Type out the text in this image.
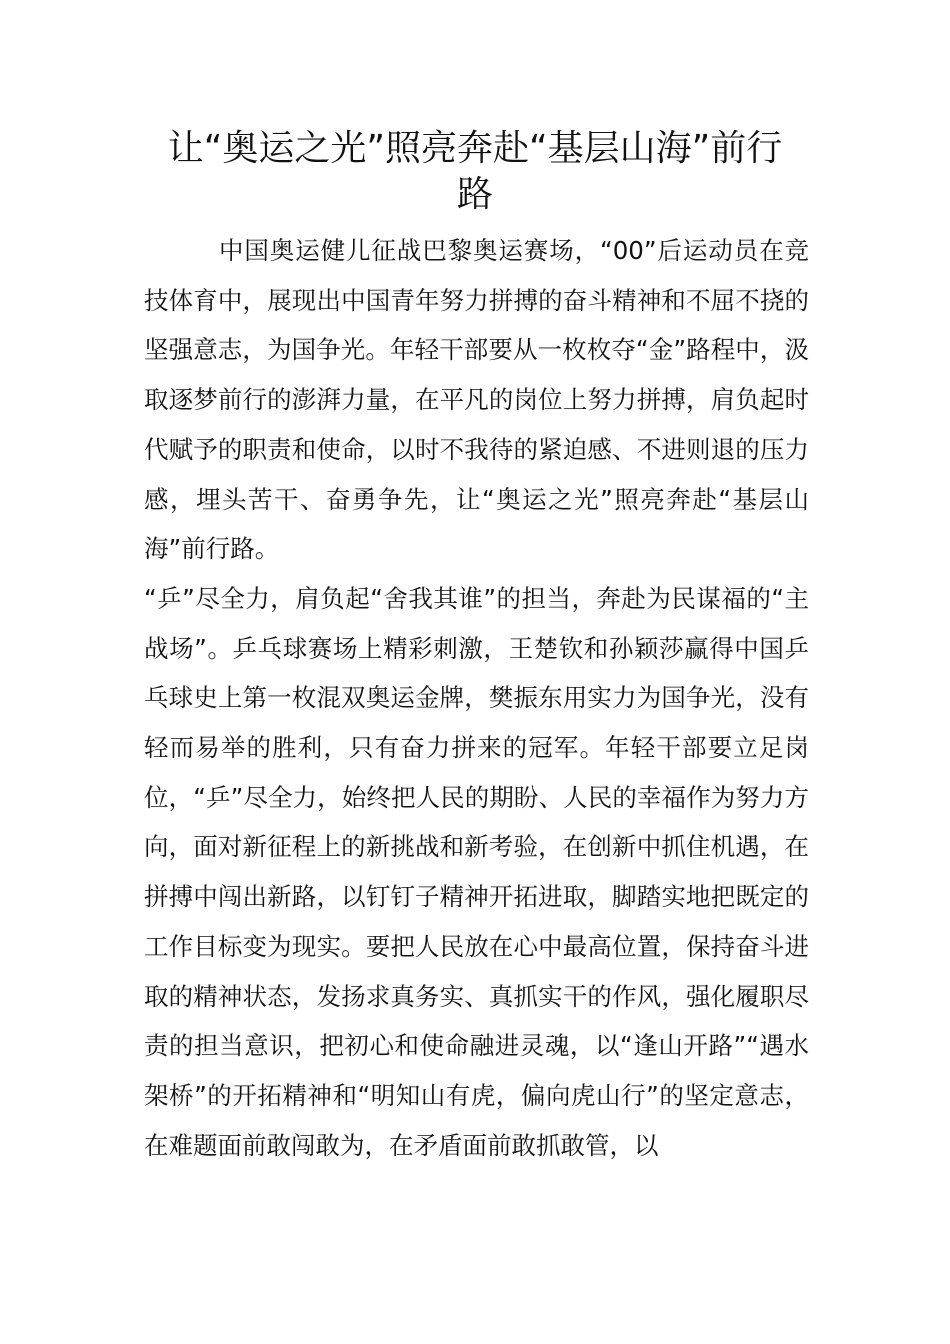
让“奥运之光”照亮奔赴“基层山海”前行路

中国奥运健儿征战巴黎奥运赛场，“00”后运动员在竞技体育中，展现出中国青年努力拼搏的奋斗精神和不屈不挠的坚强意志，为国争光。年轻干部要从一枚枚夺“金”路程中，汲取逐梦前行的澎湃力量，在平凡的岗位上努力拼搏，肩负起时代赋予的职责和使命，以时不我待的紧迫感、不进则退的压力感，埋头苦干、奋勇争先，让“奥运之光”照亮奔赴“基层山海”前行路。

“乒”尽全力，肩负起“舍我其谁”的担当，奔赴为民谋福的“主战场”。乒乓球赛场上精彩刺激，王楚钦和孙颖莎赢得中国乒乓球史上第一枚混双奥运金牌，樊振东用实力为国争光，没有轻而易举的胜利，只有奋力拼来的冠军。年轻干部要立足岗位，“乒”尽全力，始终把人民的期盼、人民的幸福作为努力方向，面对新征程上的新挑战和新考验，在创新中抓住机遇，在拼搏中闯出新路，以钉钉子精神开拓进取，脚踏实地把既定的工作目标变为现实。要把人民放在心中最高位置，保持奋斗进取的精神状态，发扬求真务实、真抓实干的作风，强化履职尽责的担当意识，把初心和使命融进灵魂，以“逢山开路”“遇水架桥”的开拓精神和“明知山有虎，偏向虎山行”的坚定意志，在难题面前敢闯敢为，在矛盾面前敢抓敢管，以
